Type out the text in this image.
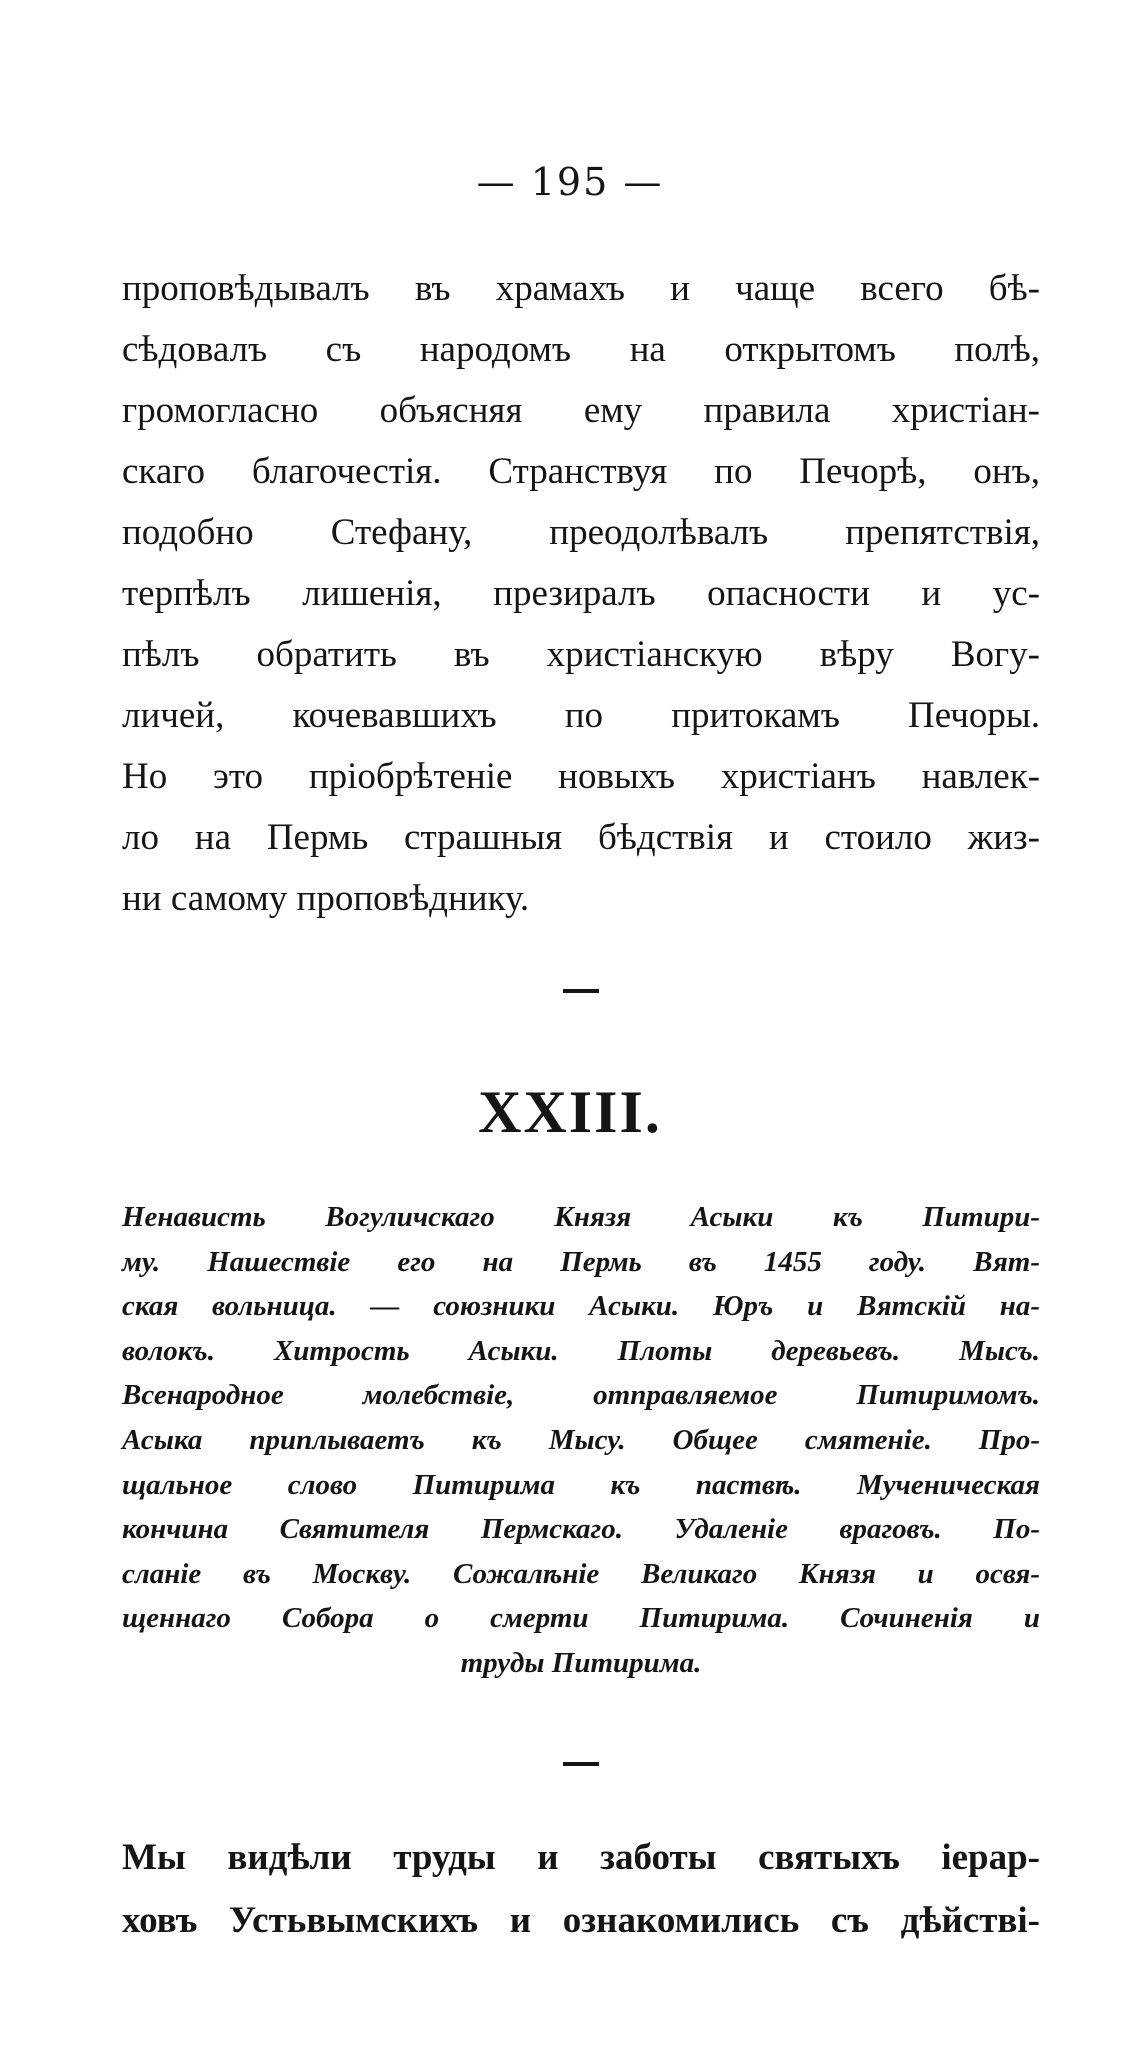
— 195 —
проповѣдывалъ въ храмахъ и чаще всего бѣ-
сѣдовалъ съ народомъ на открытомъ полѣ,
громогласно объясняя ему правила христіан-
скаго благочестія. Странствуя по Печорѣ, онъ,
подобно Стефану, преодолѣвалъ препятствія,
терпѣлъ лишенія, презиралъ опасности и ус-
пѣлъ обратить въ христіанскую вѣру Вогу-
личей, кочевавшихъ по притокамъ Печоры.
Но это пріобрѣтеніе новыхъ христіанъ навлек-
ло на Пермь страшныя бѣдствія и стоило жиз-
ни самому проповѣднику.
XXIII.
Ненависть Вогуличскаго Князя Асыки къ Питири-
му. Нашествіе его на Пермь въ 1455 году. Вят-
ская вольница. — союзники Асыки. Юръ и Вятскій на-
волокъ. Хитрость Асыки. Плоты деревьевъ. Мысъ.
Всенародное молебствіе, отправляемое Питиримомъ.
Асыка приплываетъ къ Мысу. Общее смятеніе. Про-
щальное слово Питирима къ паствѣ. Мученическая
кончина Святителя Пермскаго. Удаленіе враговъ. По-
сланіе въ Москву. Сожалѣніе Великаго Князя и освя-
щеннаго Собора о смерти Питирима. Сочиненія и
труды Питирима.
Мы видѣли труды и заботы святыхъ іерар-
ховъ Устьвымскихъ и ознакомились съ дѣйстві-
